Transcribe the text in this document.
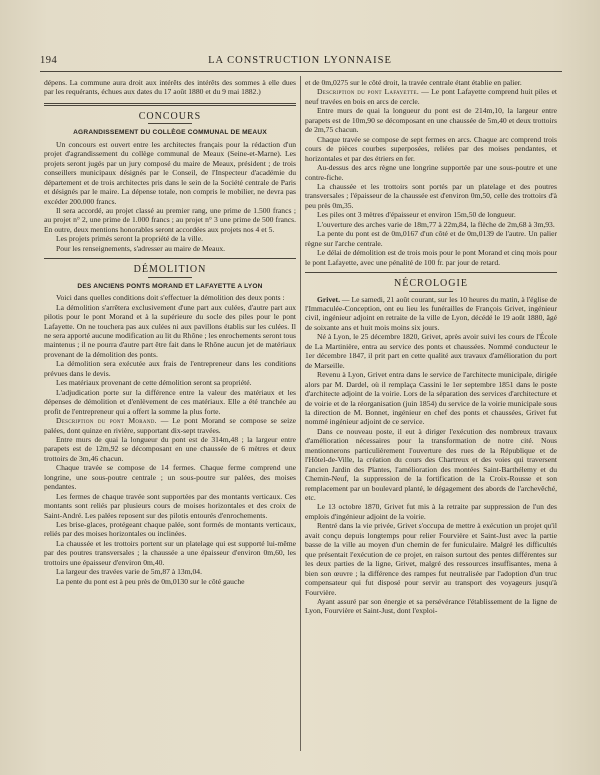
194	LA CONSTRUCTION LYONNAISE

dépens. La commune aura droit aux intérêts des intérêts des sommes à elle dues par les requérants, échues aux dates du 17 août 1880 et du 9 mai 1882.)

CONCOURS
AGRANDISSEMENT DU COLLÈGE COMMUNAL DE MEAUX

Un concours est ouvert entre les architectes français pour la rédaction d'un projet d'agrandissement du collège communal de Meaux (Seine-et-Marne). Les projets seront jugés par un jury composé du maire de Meaux, président ; de trois conseillers municipaux désignés par le Conseil, de l'Inspecteur d'académie du département et de trois architectes pris dans le sein de la Société centrale de Paris et désignés par le maire. La dépense totale, non compris le mobilier, ne devra pas excéder 200.000 francs.

Il sera accordé, au projet classé au premier rang, une prime de 1.500 francs ; au projet n° 2, une prime de 1.000 francs ; au projet n° 3 une prime de 500 francs. En outre, deux mentions honorables seront accordées aux projets nos 4 et 5.

Les projets primés seront la propriété de la ville.

Pour les renseignements, s'adresser au maire de Meaux.

DÉMOLITION
DES ANCIENS PONTS MORAND ET LAFAYETTE A LYON

Voici dans quelles conditions doit s'effectuer la démolition des deux ponts :

La démolition s'arrêtera exclusivement d'une part aux culées, d'autre part aux pilotis pour le pont Morand et à la supérieure du socle des piles pour le pont Lafayette. On ne touchera pas aux culées ni aux pavillons établis sur les culées. Il ne sera apporté aucune modification au lit du Rhône ; les enrochements seront tous maintenus ; il ne pourra d'autre part être fait dans le Rhône aucun jet de matériaux provenant de la démolition des ponts.

La démolition sera exécutée aux frais de l'entrepreneur dans les conditions prévues dans le devis.

Les matériaux provenant de cette démolition seront sa propriété.

L'adjudication porte sur la différence entre la valeur des matériaux et les dépenses de démolition et d'enlèvement de ces matériaux. Elle a été tranchée au profit de l'entrepreneur qui a offert la somme la plus forte.

Description du pont Morand. — Le pont Morand se compose se seize palées, dont quinze en rivière, supportant dix-sept travées.

Entre murs de quai la longueur du pont est de 314m,48 ; la largeur entre parapets est de 12m,92 se décomposant en une chaussée de 6 mètres et deux trottoirs de 3m,46 chacun.

Chaque travée se compose de 14 fermes. Chaque ferme comprend une longrine, une sous-poutre centrale ; un sous-poutre sur palées, des moises pendantes.

Les fermes de chaque travée sont supportées par des montants verticaux. Ces montants sont reliés par plusieurs cours de moises horizontales et des croix de Saint-André. Les palées reposent sur des pilotis entourés d'enrochements.

Les brise-glaces, protégeant chaque palée, sont formés de montants verticaux, reliés par des moises horizontales ou inclinées.

La chaussée et les trottoirs portent sur un platelage qui est supporté lui-même par des poutres transversales ; la chaussée a une épaisseur d'environ 0m,60, les trottoirs une épaisseur d'environ 0m,40.

La largeur des travées varie de 5m,87 à 13m,04.

La pente du pont est à peu près de 0m,0130 sur le côté gauche

et de 0m,0275 sur le côté droit, la travée centrale étant établie en palier.

Description du pont Lafayette. — Le pont Lafayette comprend huit piles et neuf travées en bois en arcs de cercle.

Entre murs de quai la longueur du pont est de 214m,10, la largeur entre parapets est de 10m,90 se décomposant en une chaussée de 5m,40 et deux trottoirs de 2m,75 chacun.

Chaque travée se compose de sept fermes en arcs. Chaque arc comprend trois cours de pièces courbes superposées, reliées par des moises pendantes, et horizontales et par des étriers en fer.

Au-dessus des arcs règne une longrine supportée par une sous-poutre et une contre-fiche.

La chaussée et les trottoirs sont portés par un platelage et des poutres transversales ; l'épaisseur de la chaussée est d'environ 0m,50, celle des trottoirs d'à peu près 0m,35.

Les piles ont 3 mètres d'épaisseur et environ 15m,50 de longueur.

L'ouverture des arches varie de 18m,77 à 22m,84, la flèche de 2m,68 à 3m,93.

La pente du pont est de 0m,0167 d'un côté et de 0m,0139 de l'autre. Un palier règne sur l'arche centrale.

Le délai de démolition est de trois mois pour le pont Morand et cinq mois pour le pont Lafayette, avec une pénalité de 100 fr. par jour de retard.

NÉCROLOGIE

Grivet. — Le samedi, 21 août courant, sur les 10 heures du matin, à l'église de l'Immaculée-Conception, ont eu lieu les funérailles de François Grivet, ingénieur civil, ingénieur adjoint en retraite de la ville de Lyon, décédé le 19 août 1880, âgé de soixante ans et huit mois moins six jours.

Né à Lyon, le 25 décembre 1820, Grivet, après avoir suivi les cours de l'École de La Martinière, entra au service des ponts et chaussées. Nommé conducteur le 1er décembre 1847, il prit part en cette qualité aux travaux d'amélioration du port de Marseille.

Revenu à Lyon, Grivet entra dans le service de l'architecte municipale, dirigée alors par M. Dardel, où il remplaça Cassini le 1er septembre 1851 dans le poste d'architecte adjoint de la voirie. Lors de la séparation des services d'architecture et de voirie et de la réorganisation (juin 1854) du service de la voirie municipale sous la direction de M. Bonnet, ingénieur en chef des ponts et chaussées, Grivet fut nommé ingénieur adjoint de ce service.

Dans ce nouveau poste, il eut à diriger l'exécution des nombreux travaux d'amélioration nécessaires pour la transformation de notre cité. Nous mentionnerons particulièrement l'ouverture des rues de la République et de l'Hôtel-de-Ville, la création du cours des Chartreux et des voies qui traversent l'ancien Jardin des Plantes, l'amélioration des montées Saint-Barthélemy et du Chemin-Neuf, la suppression de la fortification de la Croix-Rousse et son remplacement par un boulevard planté, le dégagement des abords de l'archevêché, etc.

Le 13 octobre 1870, Grivet fut mis à la retraite par suppression de l'un des emplois d'ingénieur adjoint de la voirie.

Rentré dans la vie privée, Grivet s'occupa de mettre à exécution un projet qu'il avait conçu depuis longtemps pour relier Fourvière et Saint-Just avec la partie basse de la ville au moyen d'un chemin de fer funiculaire. Malgré les difficultés que présentait l'exécution de ce projet, en raison surtout des pentes différentes sur les deux parties de la ligne, Grivet, malgré des ressources insuffisantes, mena à bien son œuvre ; la différence des rampes fut neutralisée par l'adoption d'un truc compensateur qui fut disposé pour servir au transport des voyageurs jusqu'à Fourvière.

Ayant assuré par son énergie et sa persévérance l'établissement de la ligne de Lyon, Fourvière et Saint-Just, dont l'exploi-
